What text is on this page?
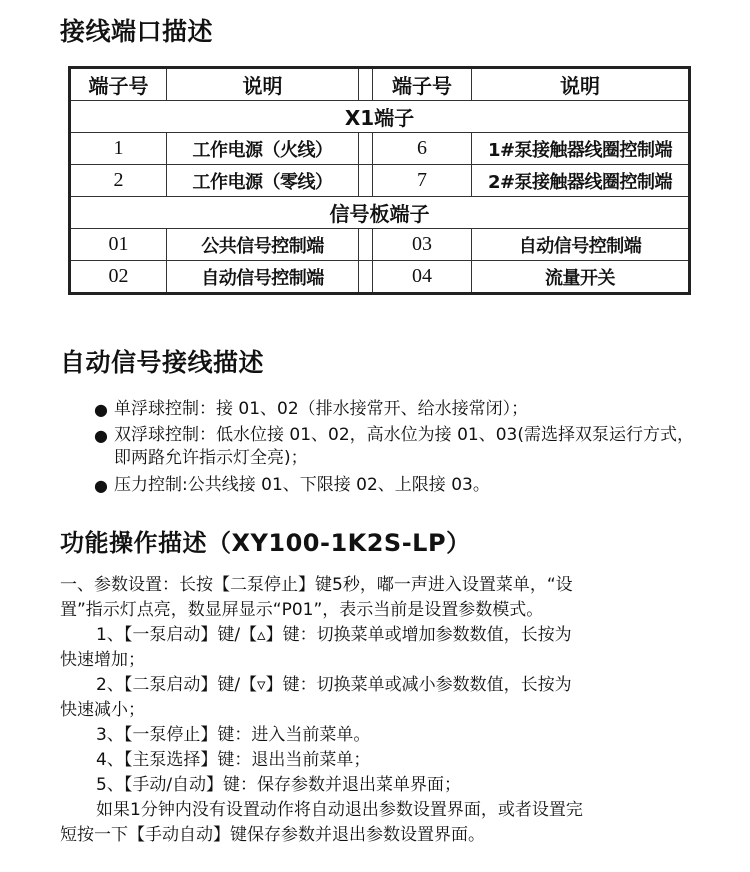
接线端口描述
端子号	说明		端子号	说明
X1端子				
1	工作电源（火线）		6	1#泵接触器线圈控制端
2	工作电源（零线）		7	2#泵接触器线圈控制端
信号板端子				
01	公共信号控制端		03	自动信号控制端
02	自动信号控制端		04	流量开关
自动信号接线描述

● 单浮球控制：接 01、02（排水接常开、给水接常闭）；

● 双浮球控制：低水位接 01、02，高水位为接 01、03(需选择双泵运行方式，即两路允许指示灯全亮)；

● 压力控制:公共线接 01、下限接 02、上限接 03。

功能操作描述（XY100-1K2S-LP）

一、参数设置：长按【二泵停止】键5秒，嘟一声进入设置菜单，“设

置”指示灯点亮，数显屏显示“P01”，表示当前是设置参数模式。

1、【一泵启动】键/【▵】键：切换菜单或增加参数数值，长按为

快速增加；

2、【二泵启动】键/【▿】键：切换菜单或减小参数数值，长按为

快速减小；

3、【一泵停止】键：进入当前菜单。

4、【主泵选择】键：退出当前菜单；

5、【手动/自动】键：保存参数并退出菜单界面；

如果1分钟内没有设置动作将自动退出参数设置界面，或者设置完

短按一下【手动自动】键保存参数并退出参数设置界面。
